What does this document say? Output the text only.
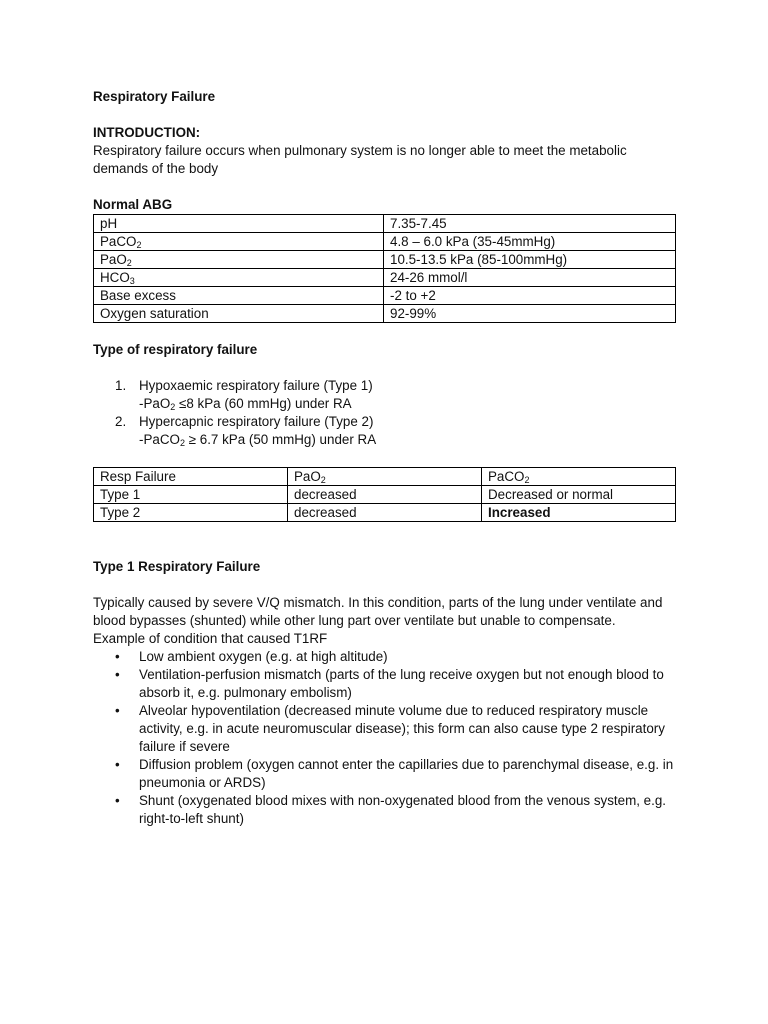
Respiratory Failure

INTRODUCTION:

Respiratory failure occurs when pulmonary system is no longer able to meet the metabolic demands of the body

Normal ABG

pH	7.35-7.45
PaCO$_2$	4.8 – 6.0 kPa (35-45mmHg)
PaO$_2$	10.5-13.5 kPa (85-100mmHg)
$HCO_3$	24-26 mmol/l
Base excess	-2 to +2
Oxygen saturation	92-99%

Type of respiratory failure

1. Hypoxaemic respiratory failure (Type 1)
-PaO$_2$ ≤8 kPa (60 mmHg) under RA
2. Hypercapnic respiratory failure (Type 2)
-PaCO$_2$ ≥ 6.7 kPa (50 mmHg) under RA
Resp Failure	PaO$_2$	PaCO$_2$
Type 1	decreased	Decreased or normal
Type 2	decreased	Increased

Type 1 Respiratory Failure

Typically caused by severe V/Q mismatch. In this condition, parts of the lung under ventilate and blood bypasses (shunted) while other lung part over ventilate but unable to compensate.

Example of condition that caused T1RF

• Low ambient oxygen (e.g. at high altitude)
• Ventilation-perfusion mismatch (parts of the lung receive oxygen but not enough blood to absorb it, e.g. pulmonary embolism)
• Alveolar hypoventilation (decreased minute volume due to reduced respiratory muscle activity, e.g. in acute neuromuscular disease); this form can also cause type 2 respiratory failure if severe
• Diffusion problem (oxygen cannot enter the capillaries due to parenchymal disease, e.g. in pneumonia or ARDS)
• Shunt (oxygenated blood mixes with non-oxygenated blood from the venous system, e.g. right-to-left shunt)
